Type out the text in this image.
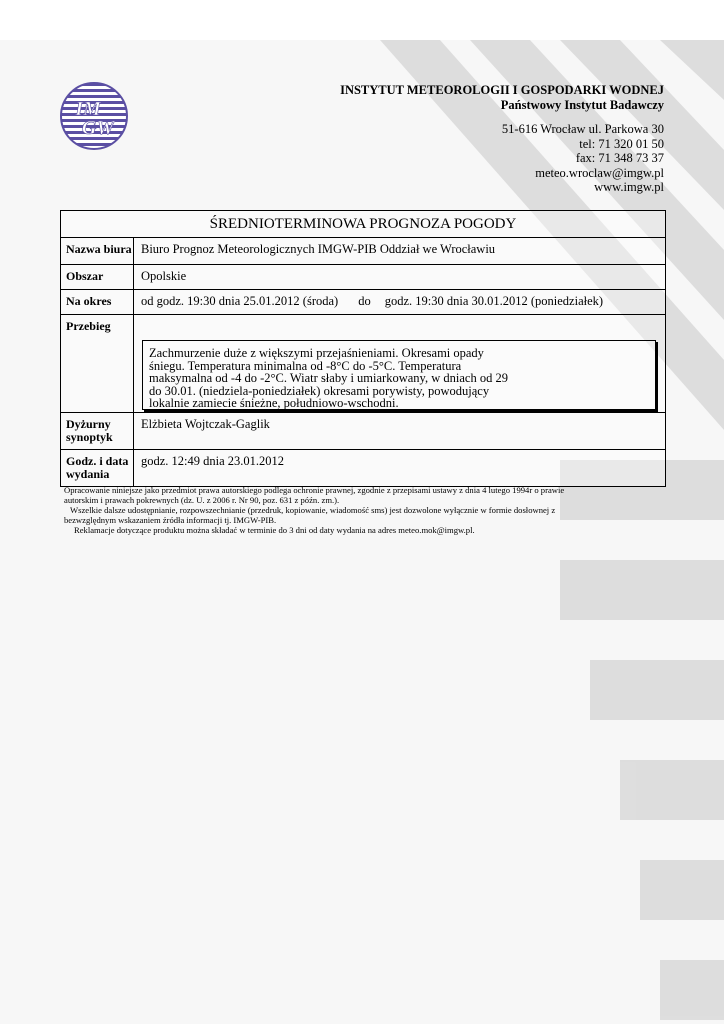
IM
GW
INSTYTUT METEOROLOGII I GOSPODARKI WODNEJ
Państwowy Instytut Badawczy
51-616 Wrocław ul. Parkowa 30
tel: 71 320 01 50
fax: 71 348 73 37
meteo.wroclaw@imgw.pl
www.imgw.pl
ŚREDNIOTERMINOWA PROGNOZA POGODY
Nazwa biura Biuro Prognoz Meteorologicznych IMGW-PIB Oddział we Wrocławiu
Obszar	Opolskie
Na okres	od godz. 19:30 dnia 25.01.2012 (środa) do godz. 19:30 dnia 30.01.2012 (poniedziałek)
Przebieg

Zachmurzenie duże z większymi przejaśnieniami. Okresami opady

śniegu. Temperatura minimalna od -8°C do -5°C. Temperatura

maksymalna od -4 do -2°C. Wiatr słaby i umiarkowany, w dniach od 29

do 30.01. (niedziela-poniedziałek) okresami porywisty, powodujący

lokalnie zamiecie śnieżne, południowo-wschodni.

Dyżurny
synoptyk
Elżbieta Wojtczak-Gaglik
Godz. i data
wydania
godz. 12:49 dnia 23.01.2012

Opracowanie niniejsze jako przedmiot prawa autorskiego podlega ochronie prawnej, zgodnie z przepisami ustawy z dnia 4 lutego 1994r o prawie

autorskim i prawach pokrewnych (dz. U. z 2006 r. Nr 90, poz. 631 z późn. zm.).

Wszelkie dalsze udostępnianie, rozpowszechnianie (przedruk, kopiowanie, wiadomość sms) jest dozwolone wyłącznie w formie dosłownej z

bezwzględnym wskazaniem źródła informacji tj. IMGW-PIB.

Reklamacje dotyczące produktu można składać w terminie do 3 dni od daty wydania na adres meteo.mok@imgw.pl.
